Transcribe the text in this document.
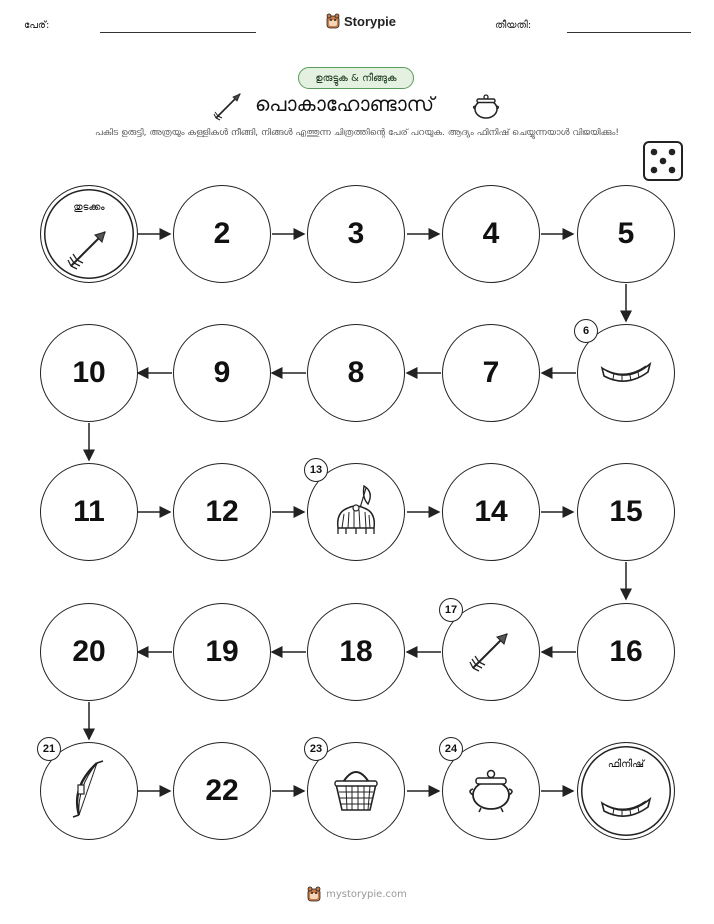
പേര്:	Storypie	തീയതി:
ഉരുട്ടുക & നീങ്ങുക
പൊകാഹോണ്ടാസ്
പകിട ഉരുട്ടി, അത്രയും കള്ളികൾ നീങ്ങി, നിങ്ങൾ എത്തുന്ന ചിത്രത്തിന്റെ പേര് പറയുക. ആദ്യം ഫിനിഷ് ചെയ്യുന്നയാൾ വിജയിക്കും!
തുടക്കം
2	3	4	5
6
7
8
9
10
11	12
13
14	15
16
17
18
19
20
21
22
23	24
ഫിനിഷ്
mystorypie.com
